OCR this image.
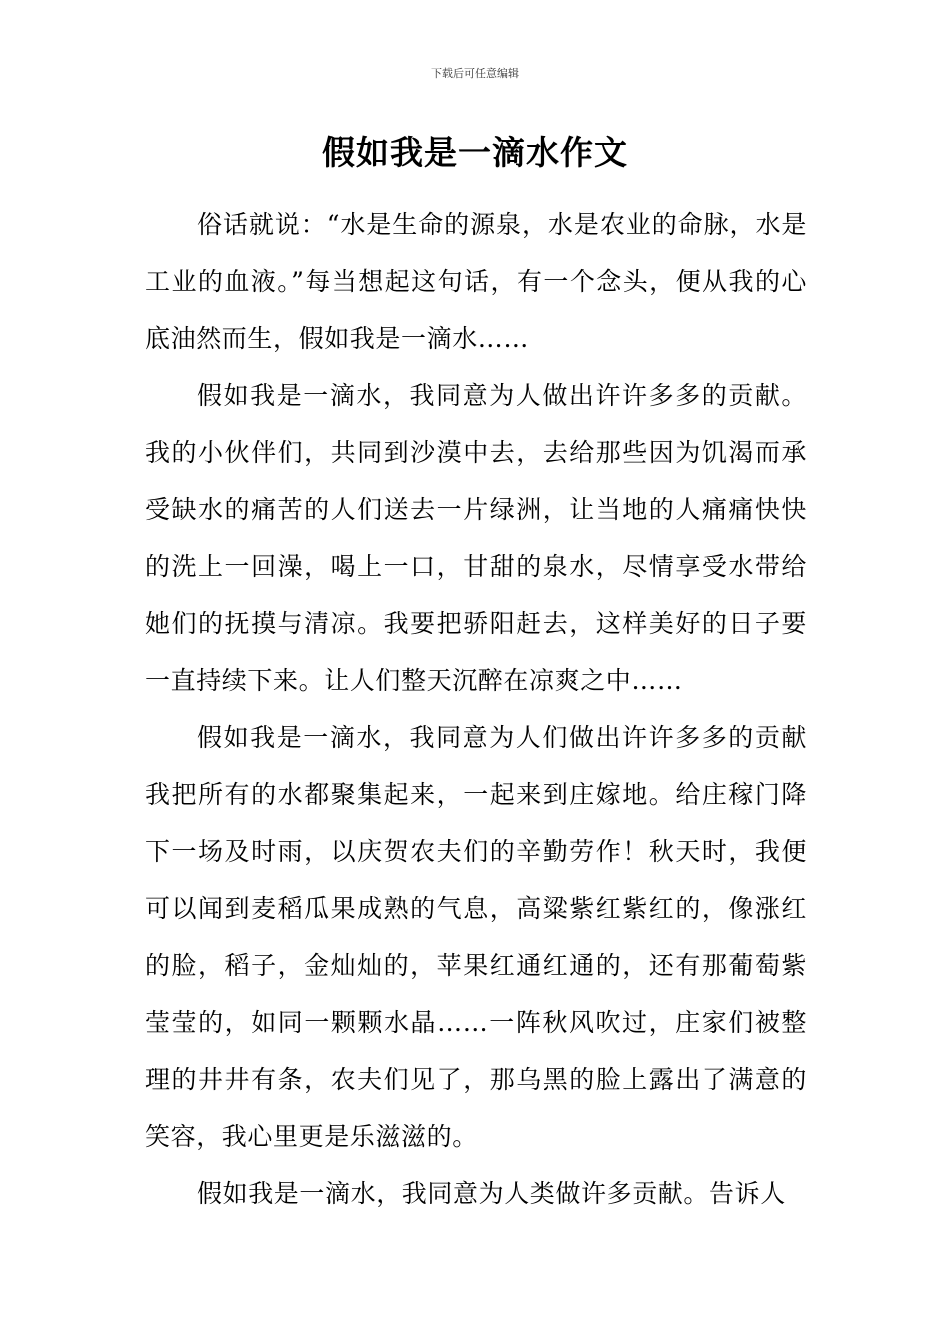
下载后可任意编辑
假如我是一滴水作文

俗话就说：“水是生命的源泉，水是农业的命脉，水是工业的血液。”每当想起这句话，有一个念头，便从我的心底油然而生，假如我是一滴水……

假如我是一滴水，我同意为人做出许许多多的贡献。我的小伙伴们，共同到沙漠中去，去给那些因为饥渴而承受缺水的痛苦的人们送去一片绿洲，让当地的人痛痛快快的洗上一回澡，喝上一口，甘甜的泉水，尽情享受水带给她们的抚摸与清凉。我要把骄阳赶去，这样美好的日子要一直持续下来。让人们整天沉醉在凉爽之中……

假如我是一滴水，我同意为人们做出许许多多的贡献我把所有的水都聚集起来，一起来到庄嫁地。给庄稼门降下一场及时雨，以庆贺农夫们的辛勤劳作！秋天时，我便可以闻到麦稻瓜果成熟的气息，高粱紫红紫红的，像涨红的脸，稻子，金灿灿的，苹果红通红通的，还有那葡萄紫莹莹的，如同一颗颗水晶……一阵秋风吹过，庄家们被整理的井井有条，农夫们见了，那乌黑的脸上露出了满意的笑容，我心里更是乐滋滋的。

假如我是一滴水，我同意为人类做许多贡献。告诉人
